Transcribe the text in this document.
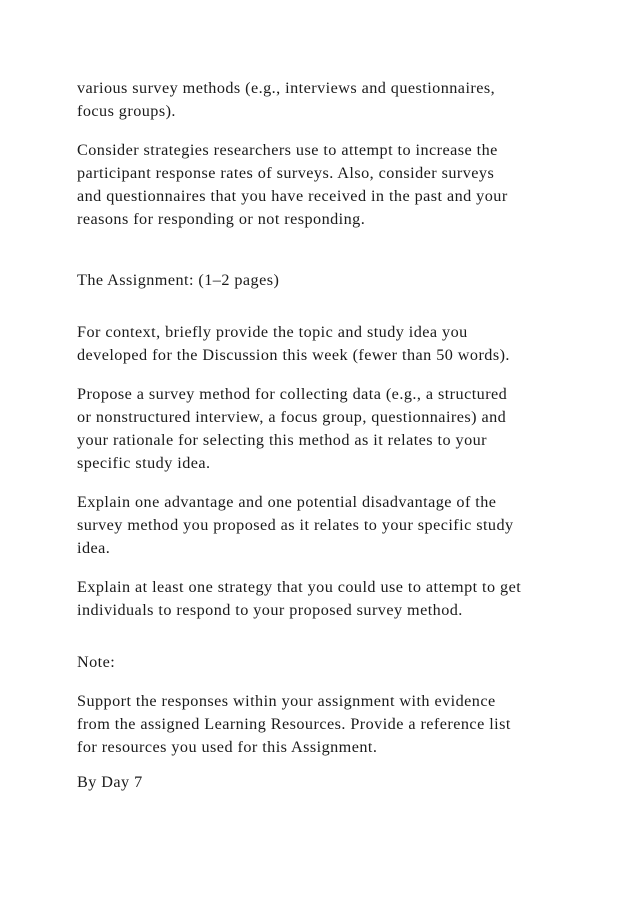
various survey methods (e.g., interviews and questionnaires,

focus groups).

Consider strategies researchers use to attempt to increase the

participant response rates of surveys. Also, consider surveys

and questionnaires that you have received in the past and your

reasons for responding or not responding.

The Assignment: (1–2 pages)

For context, briefly provide the topic and study idea you

developed for the Discussion this week (fewer than 50 words).

Propose a survey method for collecting data (e.g., a structured

or nonstructured interview, a focus group, questionnaires) and

your rationale for selecting this method as it relates to your

specific study idea.

Explain one advantage and one potential disadvantage of the

survey method you proposed as it relates to your specific study

idea.

Explain at least one strategy that you could use to attempt to get

individuals to respond to your proposed survey method.

Note:

Support the responses within your assignment with evidence

from the assigned Learning Resources. Provide a reference list

for resources you used for this Assignment.

By Day 7
